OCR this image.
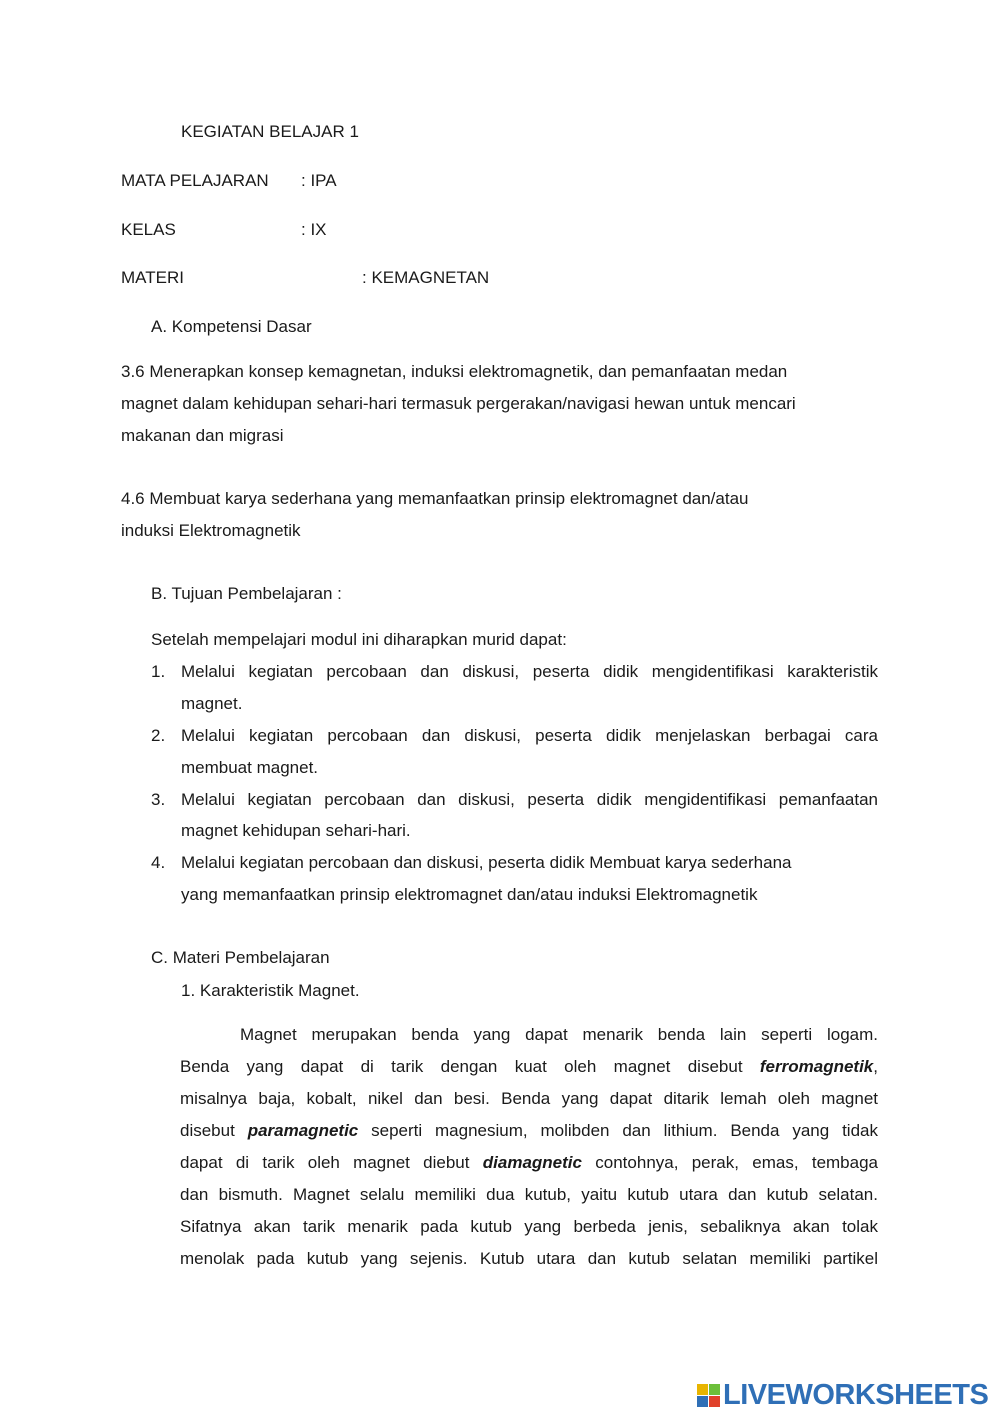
KEGIATAN BELAJAR 1
MATA PELAJARAN : IPA
KELAS	: IX
MATERI	: KEMAGNETAN
A. Kompetensi Dasar
3.6 Menerapkan konsep kemagnetan, induksi elektromagnetik, dan pemanfaatan medan
magnet dalam kehidupan sehari-hari termasuk pergerakan/navigasi hewan untuk mencari
makanan dan migrasi
4.6 Membuat karya sederhana yang memanfaatkan prinsip elektromagnet dan/atau
induksi Elektromagnetik
B. Tujuan Pembelajaran :
Setelah mempelajari modul ini diharapkan murid dapat:
1. Melalui kegiatan percobaan dan diskusi, peserta didik mengidentifikasi karakteristik
magnet.
2. Melalui kegiatan percobaan dan diskusi, peserta didik menjelaskan berbagai cara
membuat magnet.
3. Melalui kegiatan percobaan dan diskusi, peserta didik mengidentifikasi pemanfaatan
magnet kehidupan sehari-hari.
4. Melalui kegiatan percobaan dan diskusi, peserta didik Membuat karya sederhana
yang memanfaatkan prinsip elektromagnet dan/atau induksi Elektromagnetik
C. Materi Pembelajaran
1. Karakteristik Magnet.
Magnet merupakan benda yang dapat menarik benda lain seperti logam.
Benda yang dapat di tarik dengan kuat oleh magnet disebut ferromagnetik,
misalnya baja, kobalt, nikel dan besi. Benda yang dapat ditarik lemah oleh magnet
disebut paramagnetic seperti magnesium, molibden dan lithium. Benda yang tidak
dapat di tarik oleh magnet diebut diamagnetic contohnya, perak, emas, tembaga
dan bismuth. Magnet selalu memiliki dua kutub, yaitu kutub utara dan kutub selatan.
Sifatnya akan tarik menarik pada kutub yang berbeda jenis, sebaliknya akan tolak
menolak pada kutub yang sejenis. Kutub utara dan kutub selatan memiliki partikel
LIVEWORKSHEETS
